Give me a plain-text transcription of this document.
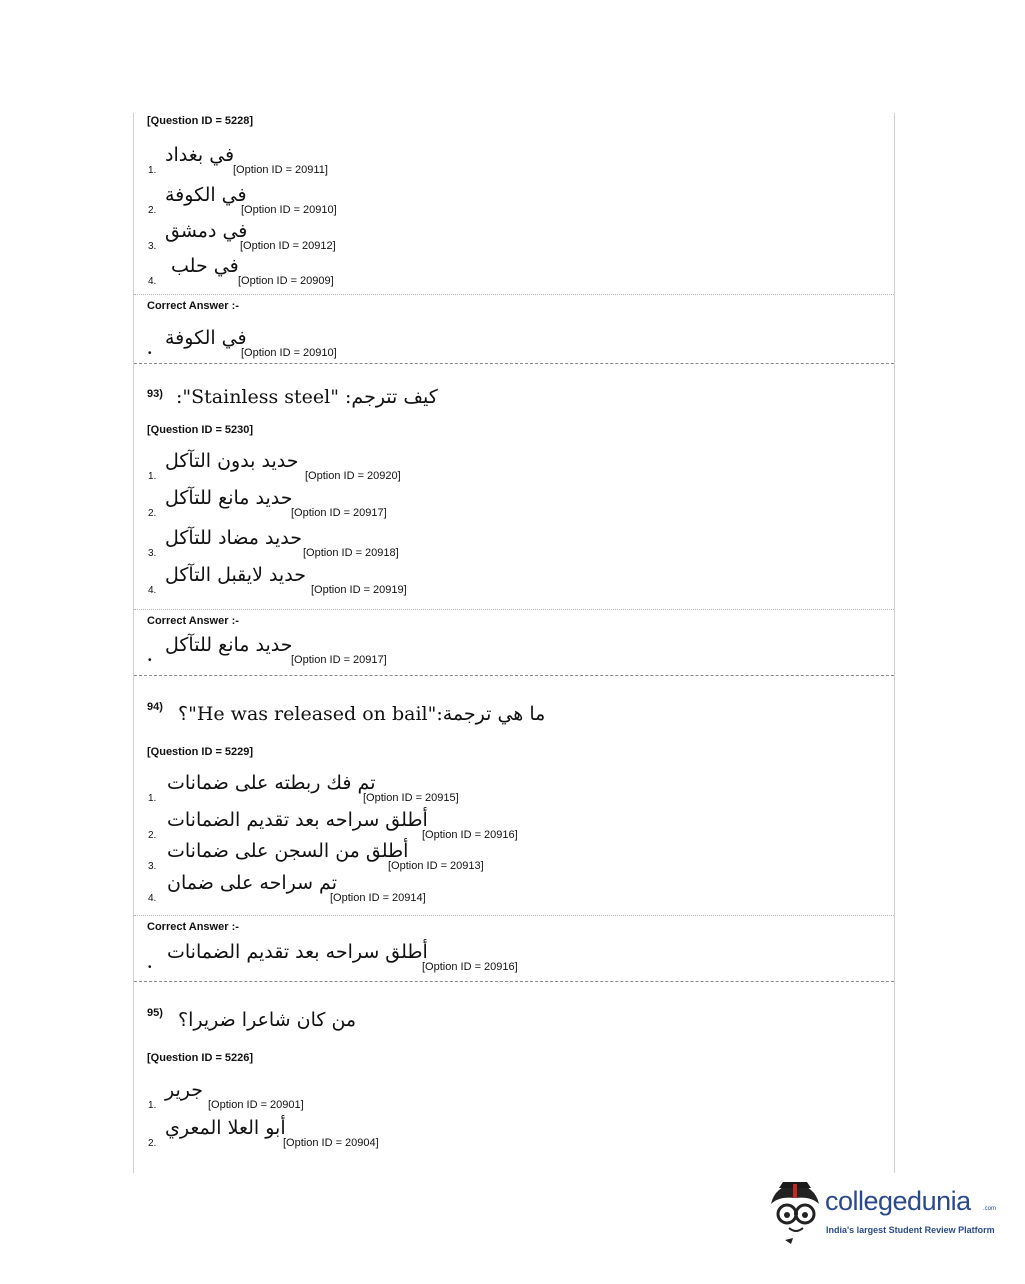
[Question ID = 5228]
1.
في بغداد
[Option ID = 20911]
2.
في الكوفة
[Option ID = 20910]
3.
في دمشق
[Option ID = 20912]
4.
في حلب
[Option ID = 20909]
Correct Answer :-
•
في الكوفة
[Option ID = 20910]
93) كيف تترجم: "Stainless steel":
[Question ID = 5230]
1.
حديد بدون التآكل
[Option ID = 20920]
2.
حديد مانع للتآكل
[Option ID = 20917]
3.
حديد مضاد للتآكل
[Option ID = 20918]
4.
حديد لايقبل التآكل
[Option ID = 20919]
Correct Answer :-
•
حديد مانع للتآكل
[Option ID = 20917]
94) ما هي ترجمة:"He was released on bail"؟
[Question ID = 5229]
1.
تم فك ربطته على ضمانات
[Option ID = 20915]
2.
أطلق سراحه بعد تقديم الضمانات
[Option ID = 20916]
3.
أطلق من السجن على ضمانات
[Option ID = 20913]
4.
تم سراحه على ضمان
[Option ID = 20914]
Correct Answer :-
•
أطلق سراحه بعد تقديم الضمانات
[Option ID = 20916]
95) من كان شاعرا ضريرا؟
[Question ID = 5226]
1.
جرير
[Option ID = 20901]
2.
أبو العلا المعري
[Option ID = 20904]
collegedunia .com
India's largest Student Review Platform
